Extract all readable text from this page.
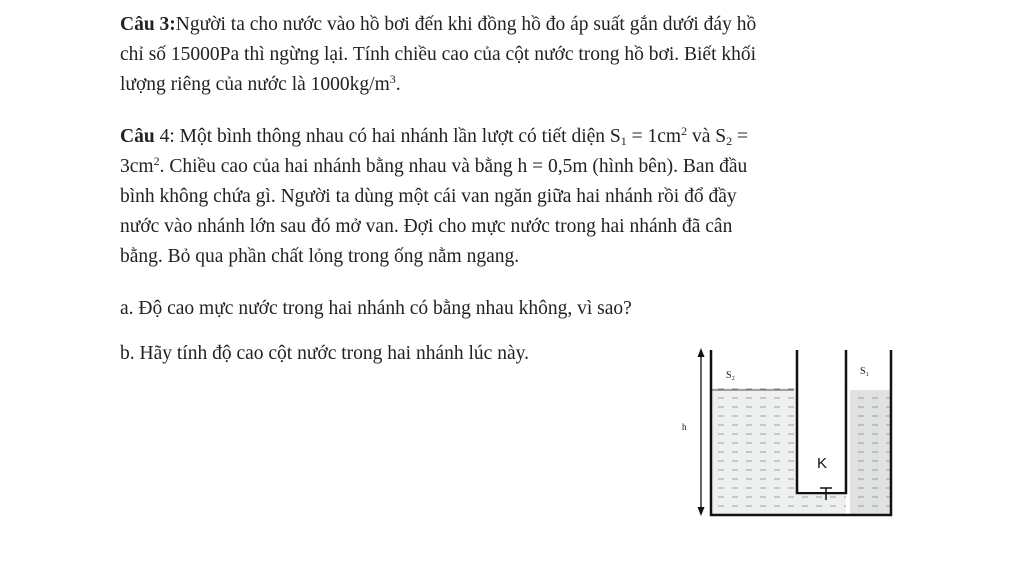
Câu 3:Người ta cho nước vào hồ bơi đến khi đồng hồ đo áp suất gắn dưới đáy hồ
chỉ số 15000Pa thì ngừng lại. Tính chiều cao của cột nước trong hồ bơi. Biết khối
lượng riêng của nước là $1000kg/m^3$.
Câu 4: Một bình thông nhau có hai nhánh lần lượt có tiết diện $S_1 = 1cm^2$ và $S_2$ =
$3cm^2$. Chiều cao của hai nhánh bằng nhau và bằng h = 0,5m (hình bên). Ban đầu
bình không chứa gì. Người ta dùng một cái van ngăn giữa hai nhánh rồi đổ đầy
nước vào nhánh lớn sau đó mở van. Đợi cho mực nước trong hai nhánh đã cân
bằng. Bỏ qua phần chất lỏng trong ống nằm ngang.
a. Độ cao mực nước trong hai nhánh có bằng nhau không, vì sao?
b. Hãy tính độ cao cột nước trong hai nhánh lúc này.
S₂	S₁
h
K
